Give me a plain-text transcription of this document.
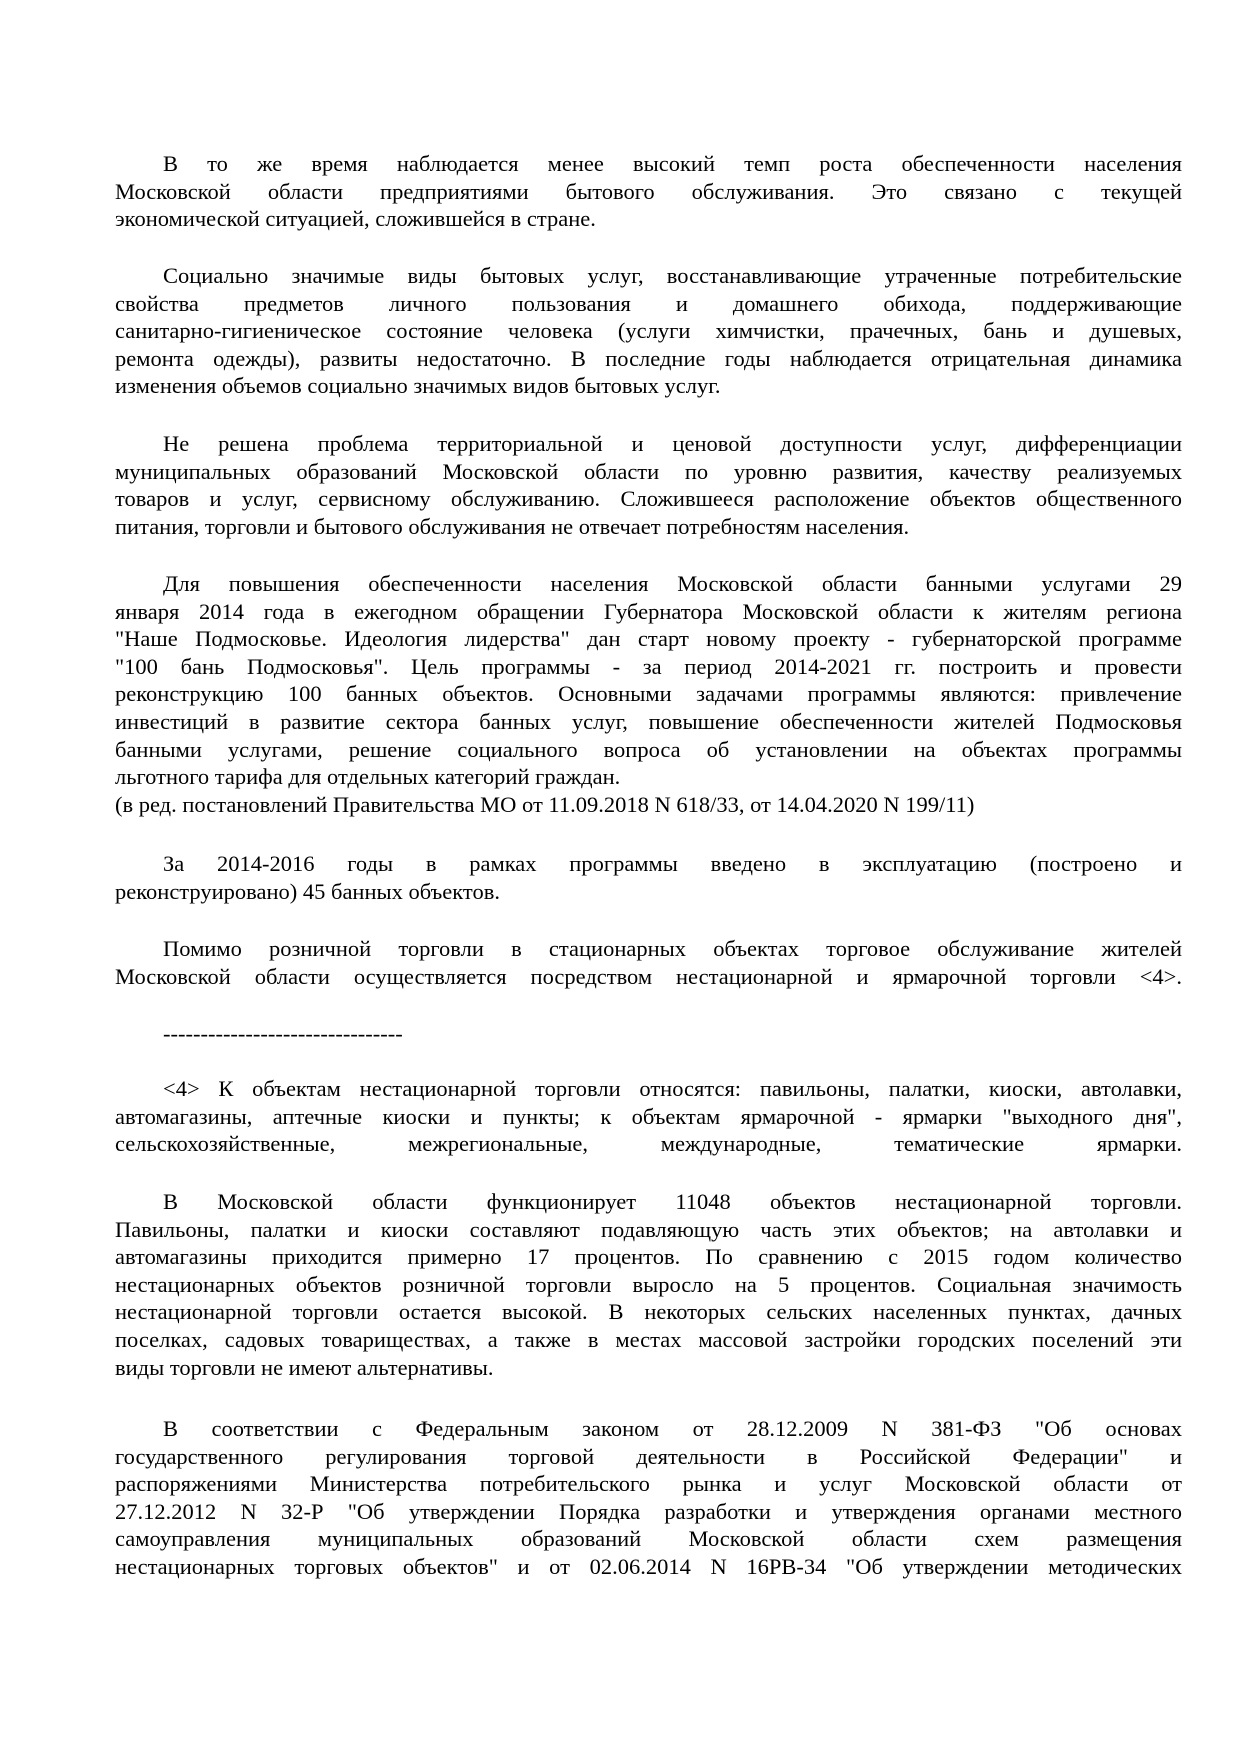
В то же время наблюдается менее высокий темп роста обеспеченности населения
Московской области предприятиями бытового обслуживания. Это связано с текущей
экономической ситуацией, сложившейся в стране.
Социально значимые виды бытовых услуг, восстанавливающие утраченные потребительские
свойства предметов личного пользования и домашнего обихода, поддерживающие
санитарно-гигиеническое состояние человека (услуги химчистки, прачечных, бань и душевых,
ремонта одежды), развиты недостаточно. В последние годы наблюдается отрицательная динамика
изменения объемов социально значимых видов бытовых услуг.
Не решена проблема территориальной и ценовой доступности услуг, дифференциации
муниципальных образований Московской области по уровню развития, качеству реализуемых
товаров и услуг, сервисному обслуживанию. Сложившееся расположение объектов общественного
питания, торговли и бытового обслуживания не отвечает потребностям населения.
Для повышения обеспеченности населения Московской области банными услугами 29
января 2014 года в ежегодном обращении Губернатора Московской области к жителям региона
"Наше Подмосковье. Идеология лидерства" дан старт новому проекту - губернаторской программе
"100 бань Подмосковья". Цель программы - за период 2014-2021 гг. построить и провести
реконструкцию 100 банных объектов. Основными задачами программы являются: привлечение
инвестиций в развитие сектора банных услуг, повышение обеспеченности жителей Подмосковья
банными услугами, решение социального вопроса об установлении на объектах программы
льготного тарифа для отдельных категорий граждан.
(в ред. постановлений Правительства МО от 11.09.2018 N 618/33, от 14.04.2020 N 199/11)
За 2014-2016 годы в рамках программы введено в эксплуатацию (построено и
реконструировано) 45 банных объектов.
Помимо розничной торговли в стационарных объектах торговое обслуживание жителей
Московской области осуществляется посредством нестационарной и ярмарочной торговли <4>.
--------------------------------
<4> К объектам нестационарной торговли относятся: павильоны, палатки, киоски, автолавки,
автомагазины, аптечные киоски и пункты; к объектам ярмарочной - ярмарки "выходного дня",
сельскохозяйственные, межрегиональные, международные, тематические ярмарки.
В Московской области функционирует 11048 объектов нестационарной торговли.
Павильоны, палатки и киоски составляют подавляющую часть этих объектов; на автолавки и
автомагазины приходится примерно 17 процентов. По сравнению с 2015 годом количество
нестационарных объектов розничной торговли выросло на 5 процентов. Социальная значимость
нестационарной торговли остается высокой. В некоторых сельских населенных пунктах, дачных
поселках, садовых товариществах, а также в местах массовой застройки городских поселений эти
виды торговли не имеют альтернативы.
В соответствии с Федеральным законом от 28.12.2009 N 381-ФЗ "Об основах
государственного регулирования торговой деятельности в Российской Федерации" и
распоряжениями Министерства потребительского рынка и услуг Московской области от
27.12.2012 N 32-Р "Об утверждении Порядка разработки и утверждения органами местного
самоуправления муниципальных образований Московской области схем размещения
нестационарных торговых объектов" и от 02.06.2014 N 16РВ-34 "Об утверждении методических
